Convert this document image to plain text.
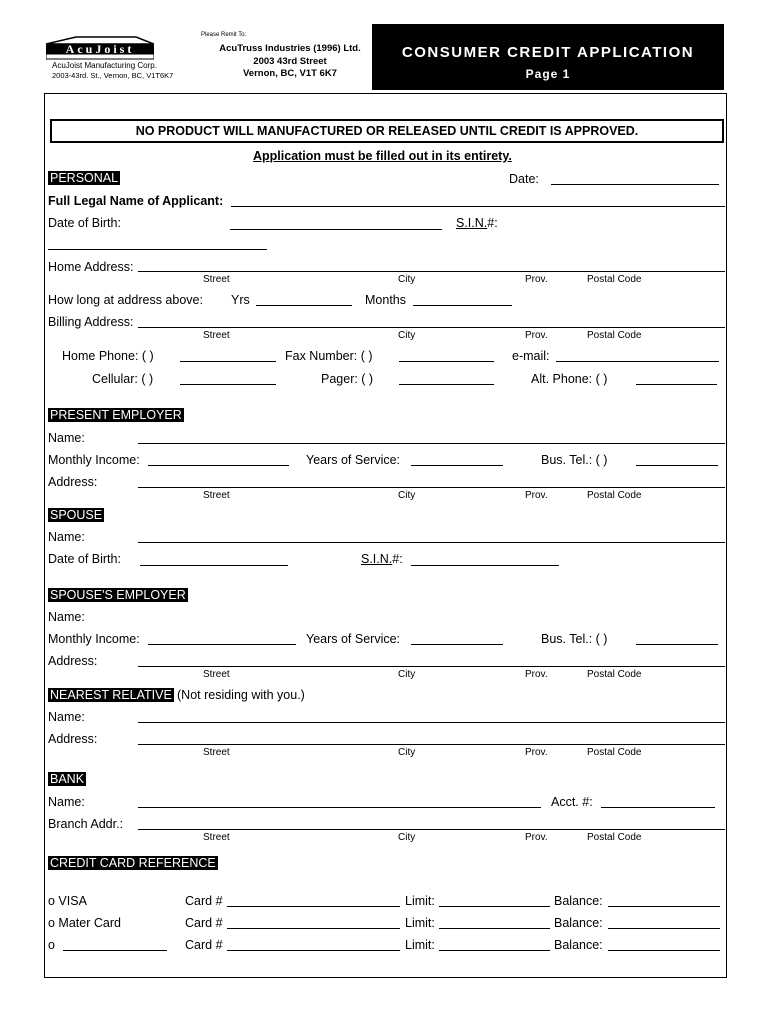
AcuJoist
AcuJoist Manufacturing Corp.
2003-43rd. St., Vernon, BC, V1T6K7
Please Remit To:
AcuTruss Industries (1996) Ltd.
2003 43rd Street
Vernon, BC, V1T 6K7
CONSUMER CREDIT APPLICATION
Page 1
NO PRODUCT WILL MANUFACTURED OR RELEASED UNTIL CREDIT IS APPROVED.
Application must be filled out in its entirety.
PERSONAL	Date:
Full Legal Name of Applicant:
Date of Birth:	S.I.N.#:
Home Address:
Street	City	Prov.	Postal Code
How long at address above: Yrs	Months
Billing Address:
Street	City	Prov.	Postal Code
Home Phone: ( )	Fax Number: ( )	e-mail:
Cellular: ( )	Pager: ( )	Alt. Phone: ( )
PRESENT EMPLOYER
Name:
Monthly Income:	Years of Service:	Bus. Tel.: ( )
Address:
Street	City	Prov.	Postal Code
SPOUSE
Name:
Date of Birth:	S.I.N.#:
SPOUSE'S EMPLOYER
Name:
Monthly Income:	Years of Service:	Bus. Tel.: ( )
Address:
Street	City	Prov.	Postal Code
NEAREST RELATIVE (Not residing with you.)
Name:
Address:
Street	City	Prov.	Postal Code
BANK
Name:	Acct. #:
Branch Addr.:
Street	City	Prov.	Postal Code
CREDIT CARD REFERENCE
o VISA	Card #	Limit:	Balance:
o Mater Card	Card #	Limit:	Balance:
o	Card #	Limit:	Balance:
